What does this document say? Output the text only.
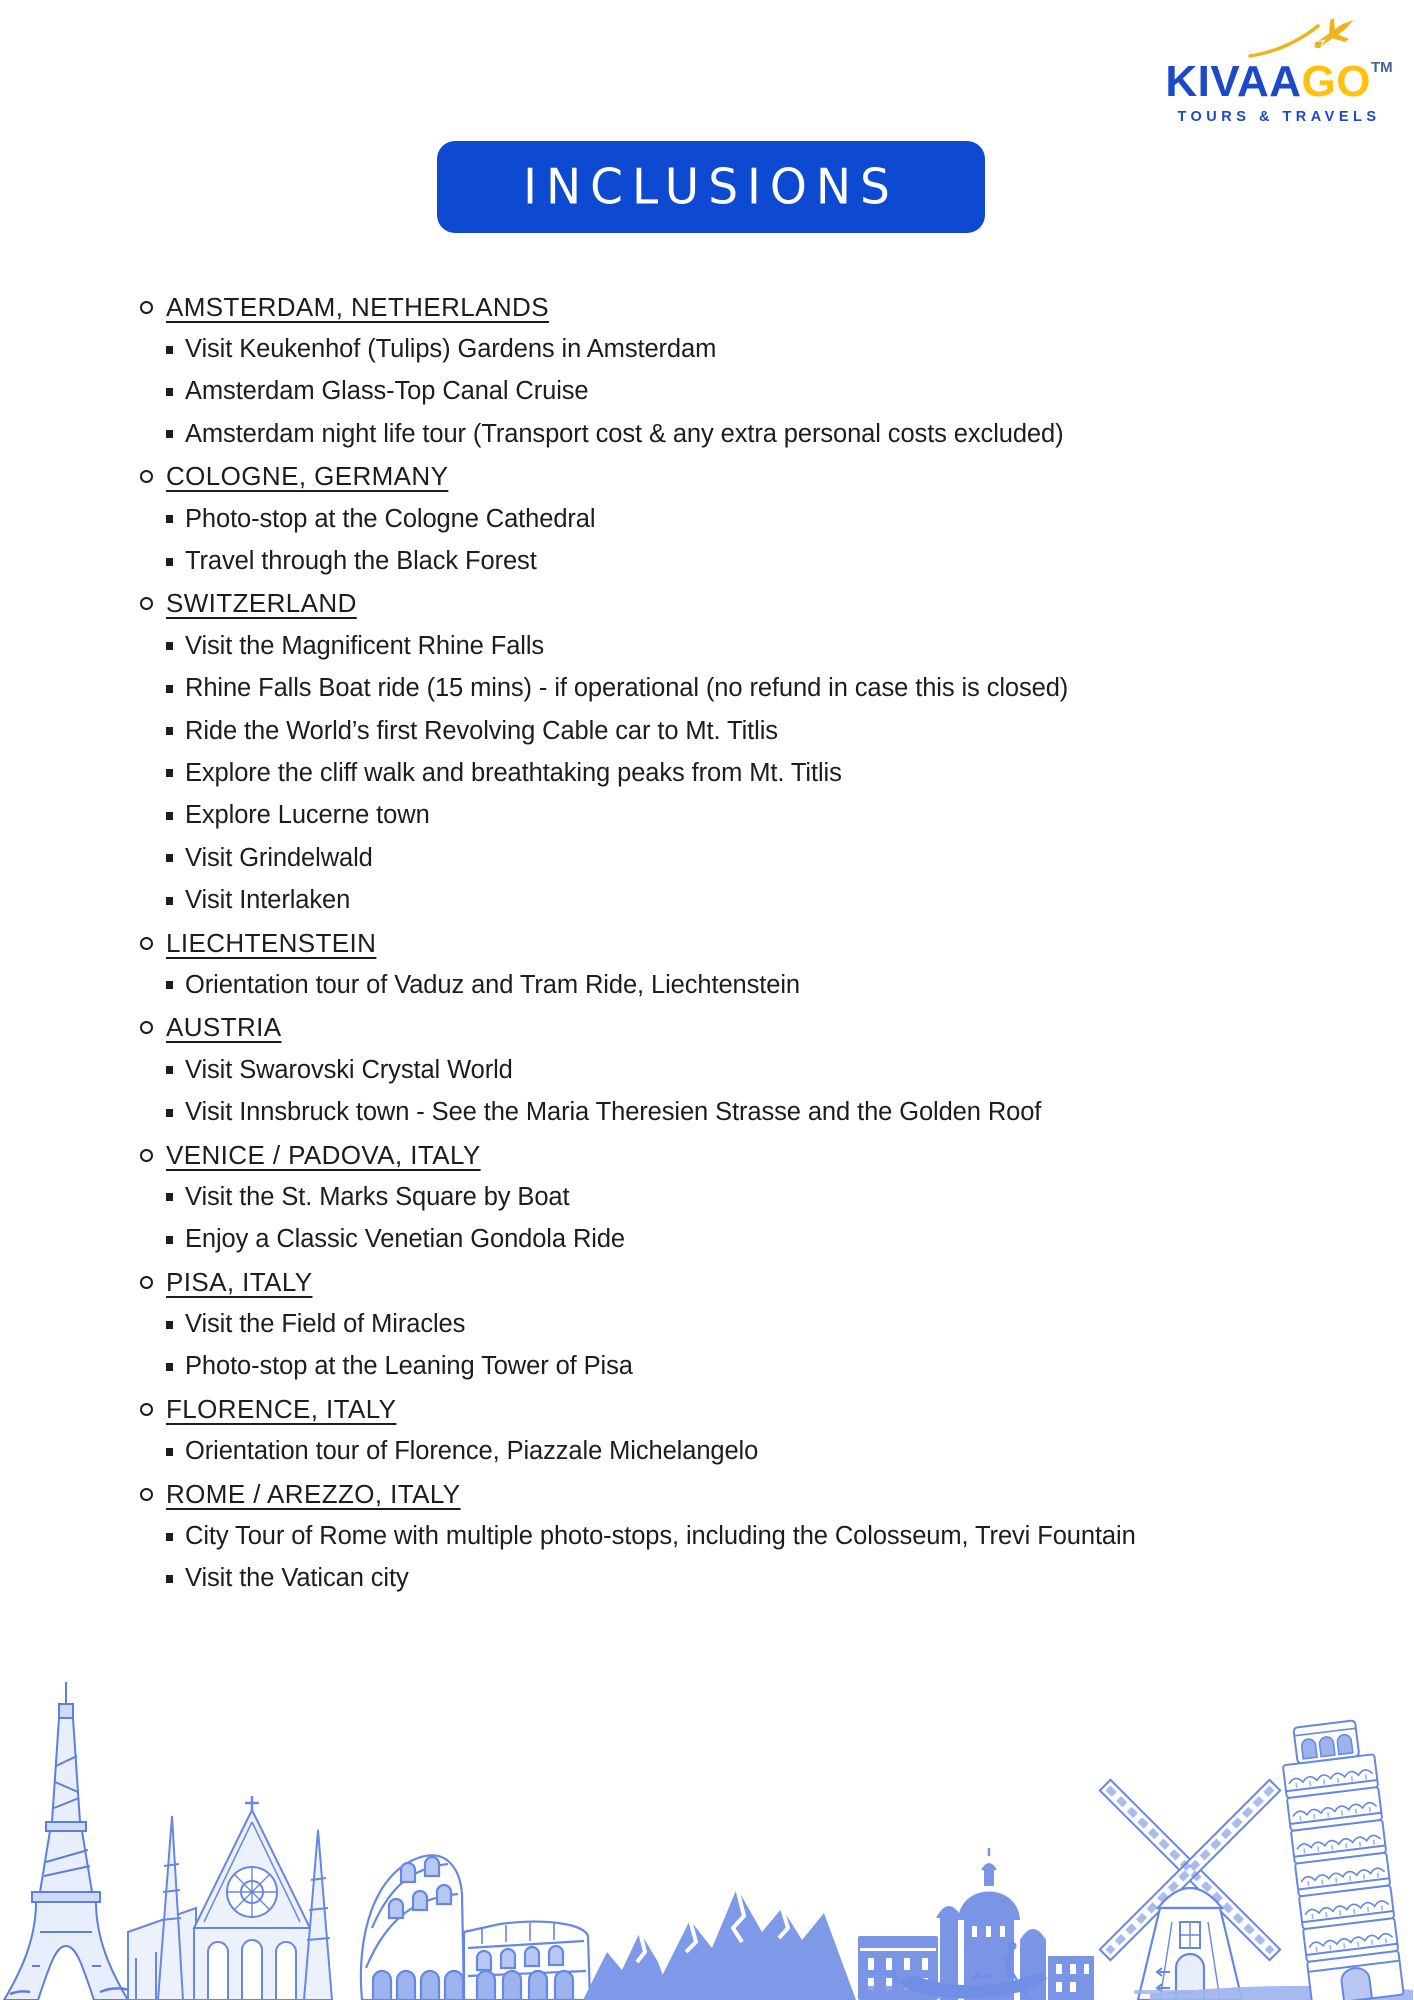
KIVAAGO™
TOURS & TRAVELS
INCLUSIONS
AMSTERDAM, NETHERLANDS
Visit Keukenhof (Tulips) Gardens in Amsterdam
Amsterdam Glass-Top Canal Cruise
Amsterdam night life tour (Transport cost & any extra personal costs excluded)
COLOGNE, GERMANY
Photo-stop at the Cologne Cathedral
Travel through the Black Forest
SWITZERLAND
Visit the Magnificent Rhine Falls
Rhine Falls Boat ride (15 mins) - if operational (no refund in case this is closed)
Ride the World’s first Revolving Cable car to Mt. Titlis
Explore the cliff walk and breathtaking peaks from Mt. Titlis
Explore Lucerne town
Visit Grindelwald
Visit Interlaken
LIECHTENSTEIN
Orientation tour of Vaduz and Tram Ride, Liechtenstein
AUSTRIA
Visit Swarovski Crystal World
Visit Innsbruck town - See the Maria Theresien Strasse and the Golden Roof
VENICE / PADOVA, ITALY
Visit the St. Marks Square by Boat
Enjoy a Classic Venetian Gondola Ride
PISA, ITALY
Visit the Field of Miracles
Photo-stop at the Leaning Tower of Pisa
FLORENCE, ITALY
Orientation tour of Florence, Piazzale Michelangelo
ROME / AREZZO, ITALY
City Tour of Rome with multiple photo-stops, including the Colosseum, Trevi Fountain
Visit the Vatican city
